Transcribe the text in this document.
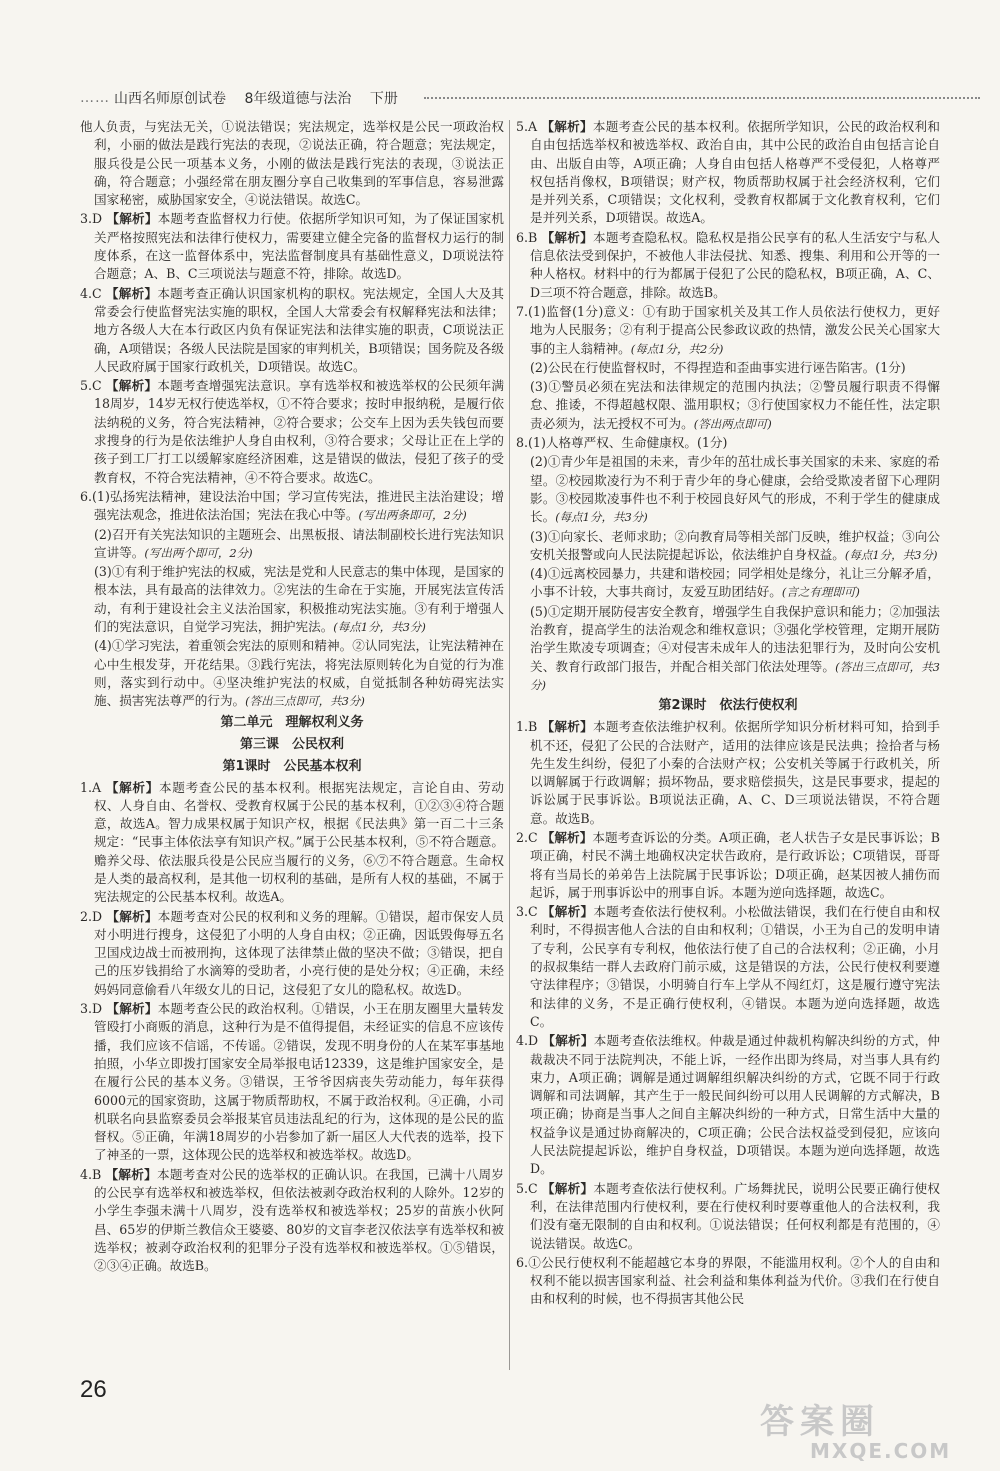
…… 山西名师原创试卷 8年级道德与法治 下册
他人负责，与宪法无关，①说法错误；宪法规定，选举权是公民一项政治权利，小丽的做法是践行宪法的表现，②说法正确，符合题意；宪法规定，服兵役是公民一项基本义务，小刚的做法是践行宪法的表现，③说法正确，符合题意；小强经常在朋友圈分享自己收集到的军事信息，容易泄露国家秘密，威胁国家安全，④说法错误。故选C。
3.D 【解析】本题考查监督权力行使。依据所学知识可知，为了保证国家机关严格按照宪法和法律行使权力，需要建立健全完备的监督权力运行的制度体系，在这一监督体系中，宪法监督制度具有基础性意义，D项说法符合题意；A、B、C三项说法与题意不符，排除。故选D。
4.C 【解析】本题考查正确认识国家机构的职权。宪法规定，全国人大及其常委会行使监督宪法实施的职权，全国人大常委会有权解释宪法和法律；地方各级人大在本行政区内负有保证宪法和法律实施的职责，C项说法正确，A项错误；各级人民法院是国家的审判机关，B项错误；国务院及各级人民政府属于国家行政机关，D项错误。故选C。
5.C 【解析】本题考查增强宪法意识。享有选举权和被选举权的公民须年满18周岁，14岁无权行使选举权，①不符合要求；按时申报纳税，是履行依法纳税的义务，符合宪法精神，②符合要求；公交车上因为丢失钱包而要求搜身的行为是依法维护人身自由权利，③符合要求；父母让正在上学的孩子到工厂打工以缓解家庭经济困难，这是错误的做法，侵犯了孩子的受教育权，不符合宪法精神，④不符合要求。故选C。
6.(1)弘扬宪法精神，建设法治中国；学习宣传宪法，推进民主法治建设；增强宪法观念，推进依法治国；宪法在我心中等。(写出两条即可，2分)
(2)召开有关宪法知识的主题班会、出黑板报、请法制副校长进行宪法知识宣讲等。(写出两个即可，2分)
(3)①有利于维护宪法的权威，宪法是党和人民意志的集中体现，是国家的根本法，具有最高的法律效力。②宪法的生命在于实施，开展宪法宣传活动，有利于建设社会主义法治国家，积极推动宪法实施。③有利于增强人们的宪法意识，自觉学习宪法，拥护宪法。(每点1分，共3分)
(4)①学习宪法，着重领会宪法的原则和精神。②认同宪法，让宪法精神在心中生根发芽，开花结果。③践行宪法，将宪法原则转化为自觉的行为准则，落实到行动中。④坚决维护宪法的权威，自觉抵制各种妨碍宪法实施、损害宪法尊严的行为。(答出三点即可，共3分)
第二单元　理解权利义务
第三课　公民权利
第1课时　公民基本权利
1.A 【解析】本题考查公民的基本权利。根据宪法规定，言论自由、劳动权、人身自由、名誉权、受教育权属于公民的基本权利，①②③④符合题意，故选A。智力成果权属于知识产权，根据《民法典》第一百二十三条规定：“民事主体依法享有知识产权。”属于公民基本权利，⑤不符合题意。赡养父母、依法服兵役是公民应当履行的义务，⑥⑦不符合题意。生命权是人类的最高权利，是其他一切权利的基础，是所有人权的基础，不属于宪法规定的公民基本权利。故选A。
2.D 【解析】本题考查对公民的权利和义务的理解。①错误，超市保安人员对小明进行搜身，这侵犯了小明的人身自由权；②正确，因诋毁侮辱五名卫国戍边战士而被刑拘，这体现了法律禁止做的坚决不做；③错误，把自己的压岁钱捐给了水滴筹的受助者，小亮行使的是处分权；④正确，未经妈妈同意偷看八年级女儿的日记，这侵犯了女儿的隐私权。故选D。
3.D 【解析】本题考查公民的政治权利。①错误，小王在朋友圈里大量转发管殴打小商贩的消息，这种行为是不值得提倡，未经证实的信息不应该传播，我们应该不信谣，不传谣。②错误，发现不明身份的人在某军事基地拍照，小华立即拨打国家安全局举报电话12339，这是维护国家安全，是在履行公民的基本义务。③错误，王爷爷因病丧失劳动能力，每年获得6000元的国家资助，这属于物质帮助权，不属于政治权利。④正确，小司机联名向县监察委员会举报某官员违法乱纪的行为，这体现的是公民的监督权。⑤正确，年满18周岁的小岩参加了新一届区人大代表的选举，投下了神圣的一票，这体现公民的选举权和被选举权。故选D。
4.B 【解析】本题考查对公民的选举权的正确认识。在我国，已满十八周岁的公民享有选举权和被选举权，但依法被剥夺政治权利的人除外。12岁的小学生李强未满十八周岁，没有选举权和被选举权；25岁的苗族小伙阿昌、65岁的伊斯兰教信众王婆婆、80岁的文盲李老汉依法享有选举权和被选举权；被剥夺政治权利的犯罪分子没有选举权和被选举权。①⑤错误，②③④正确。故选B。
5.A 【解析】本题考查公民的基本权利。依据所学知识，公民的政治权利和自由包括选举权和被选举权、政治自由，其中公民的政治自由包括言论自由、出版自由等，A项正确；人身自由包括人格尊严不受侵犯，人格尊严权包括肖像权，B项错误；财产权，物质帮助权属于社会经济权利，它们是并列关系，C项错误；文化权利，受教育权都属于文化教育权利，它们是并列关系，D项错误。故选A。
6.B 【解析】本题考查隐私权。隐私权是指公民享有的私人生活安宁与私人信息依法受到保护，不被他人非法侵扰、知悉、搜集、利用和公开等的一种人格权。材料中的行为都属于侵犯了公民的隐私权，B项正确，A、C、D三项不符合题意，排除。故选B。
7.(1)监督(1分)意义：①有助于国家机关及其工作人员依法行使权力，更好地为人民服务；②有利于提高公民参政议政的热情，激发公民关心国家大事的主人翁精神。(每点1分，共2分)
(2)公民在行使监督权时，不得捏造和歪曲事实进行诬告陷害。(1分)
(3)①警员必须在宪法和法律规定的范围内执法；②警员履行职责不得懈怠、推诿，不得超越权限、滥用职权；③行使国家权力不能任性，法定职责必须为，法无授权不可为。(答出两点即可)
8.(1)人格尊严权、生命健康权。(1分)
(2)①青少年是祖国的未来，青少年的茁壮成长事关国家的未来、家庭的希望。②校园欺凌行为不利于青少年的身心健康，会给受欺凌者留下心理阴影。③校园欺凌事件也不利于校园良好风气的形成，不利于学生的健康成长。(每点1分，共3分)
(3)①向家长、老师求助；②向教育局等相关部门反映，维护权益；③向公安机关报警或向人民法院提起诉讼，依法维护自身权益。(每点1分，共3分)
(4)①远离校园暴力，共建和谐校园；同学相处是缘分，礼让三分解矛盾，小事不计较，大事共商讨，友爱互助团结好。(言之有理即可)
(5)①定期开展防侵害安全教育，增强学生自我保护意识和能力；②加强法治教育，提高学生的法治观念和维权意识；③强化学校管理，定期开展防治学生欺凌专项调查；④对侵害未成年人的违法犯罪行为，及时向公安机关、教育行政部门报告，并配合相关部门依法处理等。(答出三点即可，共3分)
第2课时　依法行使权利
1.B 【解析】本题考查依法维护权利。依据所学知识分析材料可知，拾到手机不还，侵犯了公民的合法财产，适用的法律应该是民法典；捡拾者与杨先生发生纠纷，侵犯了小秦的合法财产权；公安机关等属于行政机关，所以调解属于行政调解；损坏物品，要求赔偿损失，这是民事要求，提起的诉讼属于民事诉讼。B项说法正确，A、C、D三项说法错误，不符合题意。故选B。
2.C 【解析】本题考查诉讼的分类。A项正确，老人状告子女是民事诉讼；B项正确，村民不满土地确权决定状告政府，是行政诉讼；C项错误，哥哥将有当局长的弟弟告上法院属于民事诉讼；D项正确，赵某因被人捕伤而起诉，属于刑事诉讼中的刑事自诉。本题为逆向选择题，故选C。
3.C 【解析】本题考查依法行使权利。小松做法错误，我们在行使自由和权利时，不得损害他人合法的自由和权利；①错误，小王为自己的发明申请了专利，公民享有专利权，他依法行使了自己的合法权利；②正确，小月的叔叔集结一群人去政府门前示威，这是错误的方法，公民行使权利要遵守法律程序；③错误，小明骑自行车上学从不闯红灯，这是履行遵守宪法和法律的义务，不是正确行使权利，④错误。本题为逆向选择题，故选C。
4.D 【解析】本题考查依法维权。仲裁是通过仲裁机构解决纠纷的方式，仲裁裁决不同于法院判决，不能上诉，一经作出即为终局，对当事人具有约束力，A项正确；调解是通过调解组织解决纠纷的方式，它既不同于行政调解和司法调解，其产生于一般民间纠纷可以用人民调解的方式解决，B项正确；协商是当事人之间自主解决纠纷的一种方式，日常生活中大量的权益争议是通过协商解决的，C项正确；公民合法权益受到侵犯，应该向人民法院提起诉讼，维护自身权益，D项错误。本题为逆向选择题，故选D。
5.C 【解析】本题考查依法行使权利。广场舞扰民，说明公民要正确行使权利，在法律范围内行使权利，要在行使权利时要尊重他人的合法权利，我们没有毫无限制的自由和权利。①说法错误；任何权利都是有范围的，④说法错误。故选C。
6.①公民行使权利不能超越它本身的界限，不能滥用权利。②个人的自由和权利不能以损害国家利益、社会利益和集体利益为代价。③我们在行使自由和权利的时候，也不得损害其他公民
26
答案圈
MXQE.COM
